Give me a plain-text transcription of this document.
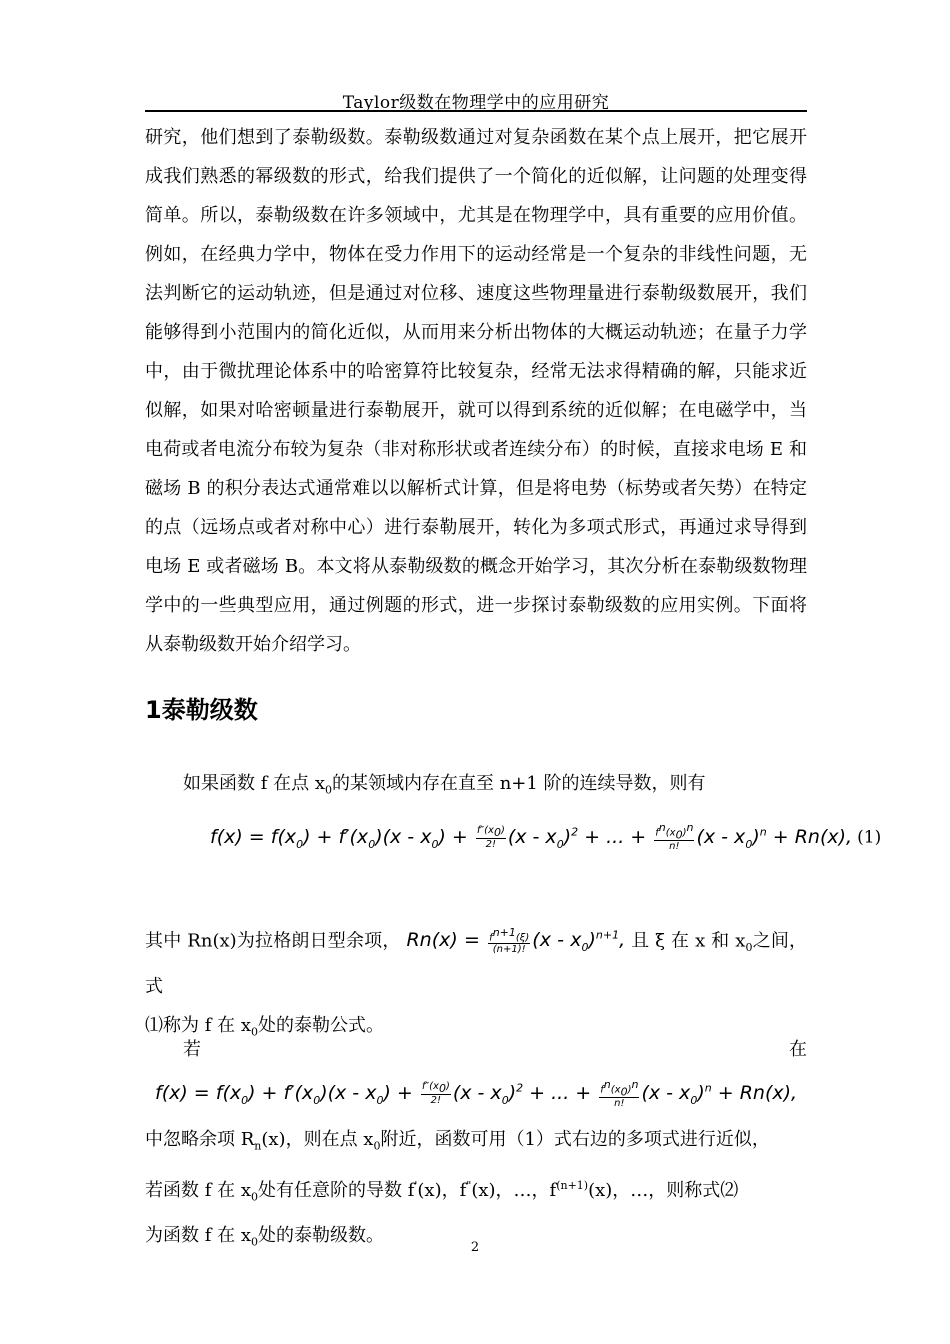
Taylor级数在物理学中的应用研究

研究，他们想到了泰勒级数。泰勒级数通过对复杂函数在某个点上展开，把它展开成我们熟悉的幂级数的形式，给我们提供了一个简化的近似解，让问题的处理变得简单。所以，泰勒级数在许多领域中，尤其是在物理学中，具有重要的应用价值。例如，在经典力学中，物体在受力作用下的运动经常是一个复杂的非线性问题，无法判断它的运动轨迹，但是通过对位移、速度这些物理量进行泰勒级数展开，我们能够得到小范围内的简化近似，从而用来分析出物体的大概运动轨迹；在量子力学中，由于微扰理论体系中的哈密算符比较复杂，经常无法求得精确的解，只能求近似解，如果对哈密顿量进行泰勒展开，就可以得到系统的近似解；在电磁学中，当电荷或者电流分布较为复杂（非对称形状或者连续分布）的时候，直接求电场 E 和磁场 B 的积分表达式通常难以以解析式计算，但是将电势（标势或者矢势）在特定的点（远场点或者对称中心）进行泰勒展开，转化为多项式形式，再通过求导得到电场 E 或者磁场 B。本文将从泰勒级数的概念开始学习，其次分析在泰勒级数物理学中的一些典型应用，通过例题的形式，进一步探讨泰勒级数的应用实例。下面将从泰勒级数开始介绍学习。

1泰勒级数
如果函数 f 在点 $x_0$的某领域内存在直至 n+1 阶的连续导数，则有
$f(x) = f(x_0) + f'(x_0)(x - x_0) + \frac{f''(x_0)}{2!} (x - x_0)^2$ + ... + $\frac{f^n(x_0)^n}{n!} (x - x_0)^n + Rn(x)$, (1)
其中 Rn(x)为拉格朗日型余项， $Rn(x) = \frac{f^{n+1}(\xi)}{(n+1)!} (x - x_0)^{n+1}$, 且 ξ 在 x 和 $x_0$之间，式
⑴称为 f 在 $x_0$处的泰勒公式。
若 在 $f(x) = f(x_0) + f'(x_0)(x - x_0) + \frac{f''(x_0)}{2!} (x - x_0)^2$ + ... + $\frac{f^n(x_0)^n}{n!} (x - x_0)^n + Rn(x)$,
中忽略余项 $R_n(x)$，则在点 $x_0$附近，函数可用（1）式右边的多项式进行近似，
若函数 f 在 $x_0$处有任意阶的导数 f'(x)，f"(x)，…，$f^{(n+1)}(x)$，…，则称式⑵
为函数 f 在 $x_0$处的泰勒级数。
2
